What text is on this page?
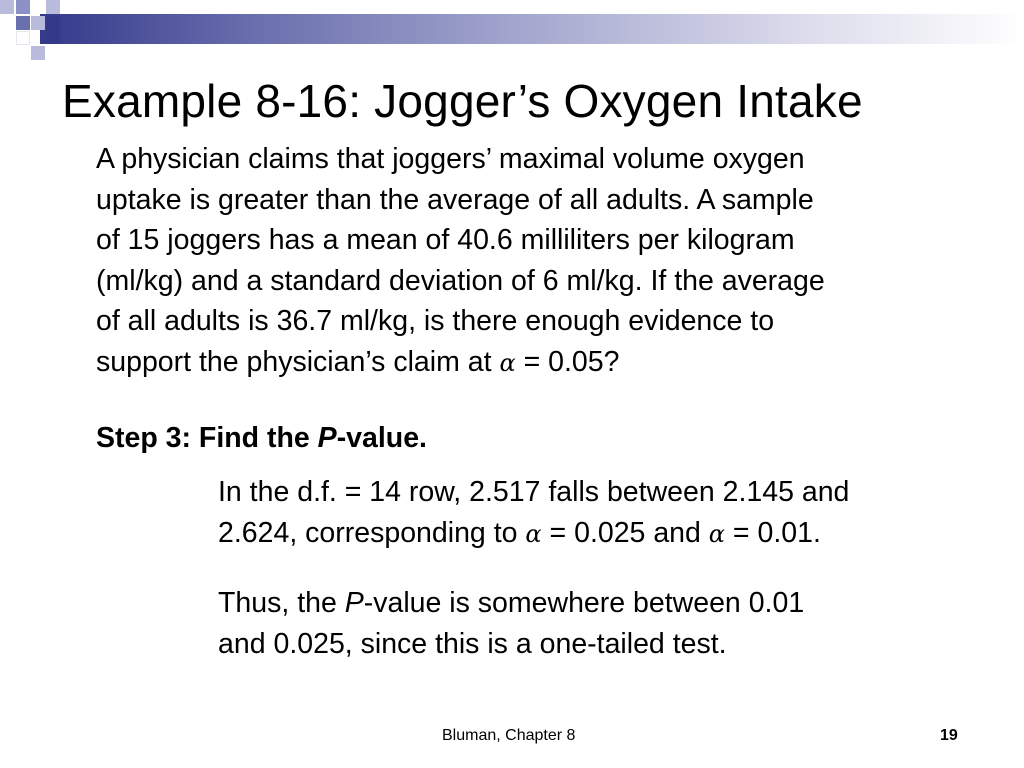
Example 8-16: Jogger’s Oxygen Intake
A physician claims that joggers’ maximal volume oxygen
uptake is greater than the average of all adults. A sample
of 15 joggers has a mean of 40.6 milliliters per kilogram
(ml/kg) and a standard deviation of 6 ml/kg. If the average
of all adults is 36.7 ml/kg, is there enough evidence to
support the physician’s claim at α = 0.05?
Step 3: Find the P-value.
In the d.f. = 14 row, 2.517 falls between 2.145 and
2.624, corresponding to α = 0.025 and α = 0.01.
Thus, the P-value is somewhere between 0.01
and 0.025, since this is a one-tailed test.
Bluman, Chapter 8	19
